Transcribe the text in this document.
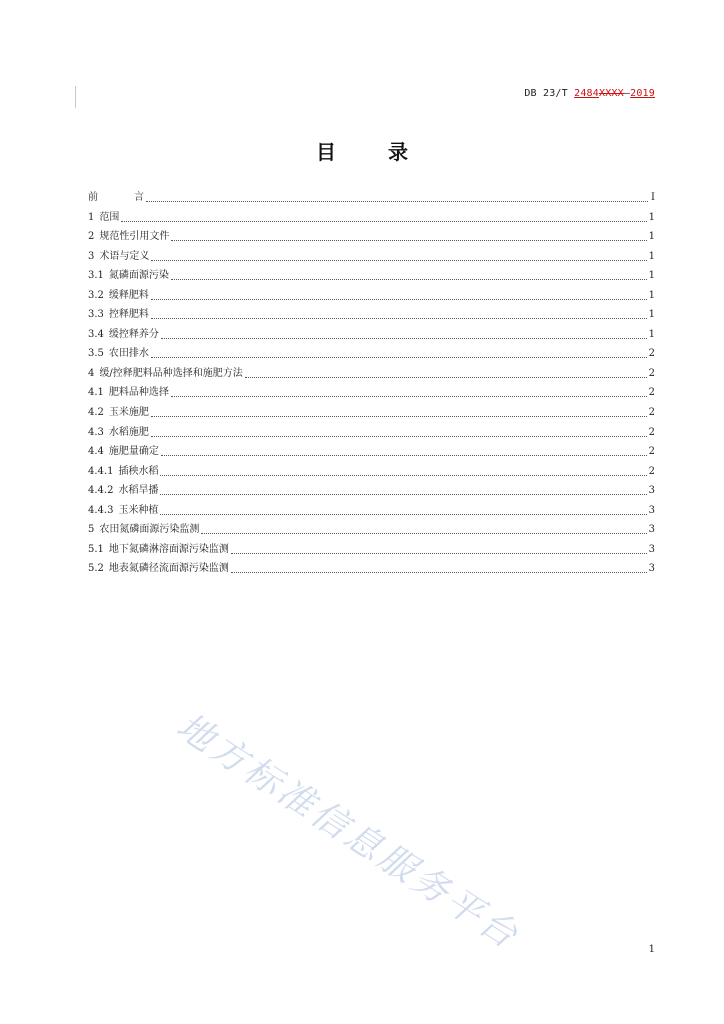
DB 23/T 2484XXXX—2019
目	录
前	言	I
1 范围	1
2 规范性引用文件	1
3 术语与定义	1
3.1 氮磷面源污染	1
3.2 缓释肥料	1
3.3 控释肥料	1
3.4 缓控释养分	1
3.5 农田排水	2
4 缓/控释肥料品种选择和施肥方法	2
4.1 肥料品种选择	2
4.2 玉米施肥	2
4.3 水稻施肥	2
4.4 施肥量确定	2
4.4.1 插秧水稻	2
4.4.2 水稻旱播	3
4.4.3 玉米种植	3
5 农田氮磷面源污染监测	3
5.1 地下氮磷淋溶面源污染监测	3
5.2 地表氮磷径流面源污染监测	3
地方标准信息服务平台	1
